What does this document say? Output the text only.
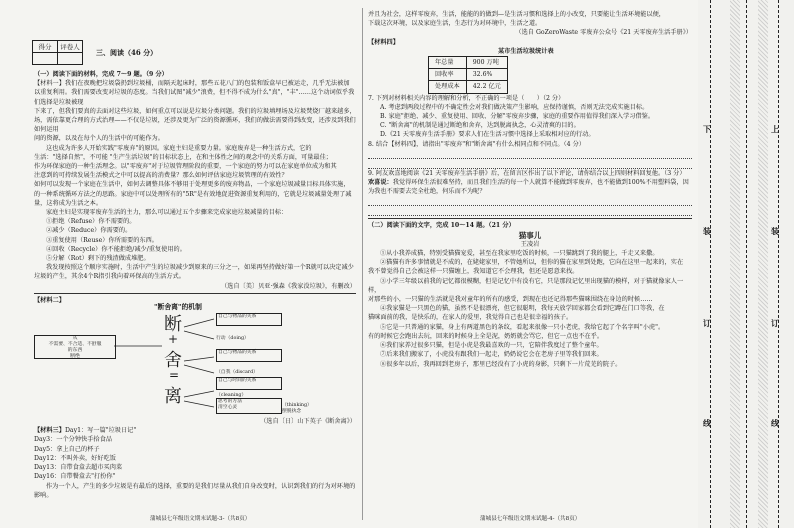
得分	评卷人

三、阅读（46 分）

（一）阅读下面的材料，完成 7～9 题。（9 分）

【材料一】我们在夜晚把垃圾袋扔到垃圾桶，而隔天起床时，那些五花八门的包装和饭盒早已被运走，几乎无法被加

以重复利用。我们需要改变对垃圾的态度。当我们试图"减少"浪费，但不得不成为什么"真"，"丰"……这个动词似乎我们选择是垃圾被现

下来了，但我们要真的去面对这些垃圾，如何重点可以说是垃圾分类问题。我们的垃圾填埋场及垃圾焚烧厂越来越多，

场，需依靠更合理的方式治理——不仅是垃圾，还涉及更为广泛的资源循环，我们的做法需要得到改变，还涉及到我们如何运用

问的资源，以及在每个人的生活中的可能作为。

这也成为许多人开始实践"零废弃"的原因。家庭主妇是重要力量。家庭废弃是一种生活方式，它的

生活："选择自然"，不可能 "生产生活垃圾"的目标状态上，在和主体性之间的观念中的关系方面，可量最佳；

作为环保家庭的一种生活理念。以"零废弃"对于垃圾管理阶段的重要，一个家庭的努力可以在家庭单位成为和其

注意到的可持续发展生活模式之中可以提高的消费量？那么如何评估家庭垃圾管理的有效性？

如何可以发现一个家庭在生活中，如何去调整具体不够用于处理更多的废弃物品，一个家庭垃圾减量目标具体实施，

的一种系统循环方法之的思路。家庭中可以处理所有的"5R"是有效地促进资源重复利用的，它就是垃圾减量处理了减

量，这将成为生活之本。

家庭主妇是实现零废弃生活的主力，那么可以通过五个步骤来完成家庭垃圾减量的目标：

①拒绝（Refuse）你不需要的。

②减少（Reduce）你需要的。

③重复使用（Reuse）你所需要的东西。

④回收（Recycle）你不能拒绝/减少/重复使用的。

⑤分解（Rot）剩下的残渣做成堆肥。

我发现按照这个顺序实施时，生活中产生的垃圾减少到原来的三分之一，如果再坚持做好第一个R就可以决定减少垃圾的产生，其余4个R指引我向着环保高的生活方式。

（选自〔美〕贝亚·强森《我家没垃圾》，有删改）

【材料二】

"断舍离"的机制
从
不需要、不合适、不舒服
的东西
断绝
断
+
舍
=
离
自己与物品的关系
行动（doing）
自己与物品的关系
（自我（discard）
自己与时间的关系
（cleaning）
思考的方法
清空心灵	（thinking）
摆脱执念

（选自〔日〕山下英子《断舍离》）

【材料三】Day1：写一篇"垃圾日记"

Day3：一个分钟快手拾食品

Day5：拿上自己的杯子

Day12：不叫外卖，好好吃饭

Day13：自带食盒去超市买肉菜

Day16：自带餐盒去"打扮你"

作为一个人，产生的多少垃圾是有最后的选择，重要的是我们尽量从我们自身改变时，认识到我们的行为对环境的影响。

蒲城县七年级语文期末试题-3-（共8页）

并且为社会，这样零废弃，生活，能能的的做到—是生活习惯和选择上的小改变，只要能让生活环境能以便，

下载这次环境，以及家庭生活，生态行为对环境中，生活之道。

（选自 GoZeroWaste 零废弃公众号《21 天零废弃生活手册》）

【材料四】

某市生活垃圾统计表

年总量	900 万吨
回收率	32.6%
处理成本	42.2 亿元

7. 下列对材料相关内容的理解和分析，不正确的一项是（　　）（2 分）

A. 考虑到两段过程中的不确定性会对我们做决策产生影响，应保持谨慎，否则无法完成实施目标。

B. 家庭"拒绝、减少、重复使用、回收、分解"零废弃步骤，家庭的重要作用值得我们深入学习借鉴。

C. "断舍离"的机制是通过断绝和舍弃，达到脱离执念，心灵清爽的目的。

D.《21 天零废弃生活手册》要求人们在生活习惯中选择上采取相对应的行动。

8. 结合【材料四】，请指出"零废弃"和"断舍离"有什么相同点和不同点。（4 分）

9. 阿友欢喜地阅读《21 天零废弃生活手册》后，在留言区作出了以下评论，请你结合以上四则材料回复他。（3 分）

欢喜说：我觉得环保生活很难坚持，而且我们生活的每一个人就算不能做到零废弃，也不能做到100%不用塑料袋，因为我也不需要去完全杜绝，何乐而不为呢？

（二）阅读下面的文字，完成 10～14 题。（21 分）

猫事儿

王凌岩

①从小我养成猫，特别受猫猫宠爱，甚至在我家里吃饭的时候，一只猫跳到了我的腿上，千走又来撒。

②猫猫有许多事情就是不成的，在姥姥家里，不管她所以，但你的猫在家里到处跑，它向在这里一起来的，实在

我不曾觉得自己会被这样一只猫缠上，我知道它不会理我，但还是愿意来找。

③小学三年级以前我的记忆都很模糊，但是记忆中有没有它，只是那段记忆里出现猫的模样，对于猫就像家人一样，

对那些的小，一只猫的生活就是我对童年的所有的感受，到现在也还记得那些猫咪围绕在身边的时候……

④我家猫是一只黑色的猫，虽然不是很漂亮，但它很聪明，我每天放学回家都会看到它蹲在门口等我，在

猫咪面前的我，是快乐的，在家人的爱里，我觉得自己也是很幸福的孩子。

⑤它是一只普通的家猫，身上有两道黑色的条纹，看起来很像一只小老虎，我给它起了个名字叫"小虎"。

有的时候它会跑出去玩，回来的时候身上全是泥，奶奶就会骂它，但它一点也不在乎。

⑥我们家养过很多只猫，但是小虎是我最喜欢的一只，它陪伴我度过了整个童年。

⑦后来我们搬家了，小虎没有跟我们一起走，奶奶说它会在老房子里等我们回来。

⑧很多年以后，我再回到老房子，那里已经没有了小虎的身影，只剩下一片荒芜的院子。

蒲城县七年级语文期末试题-4-（共8页）
下
装
订
线
上
装
订
线
